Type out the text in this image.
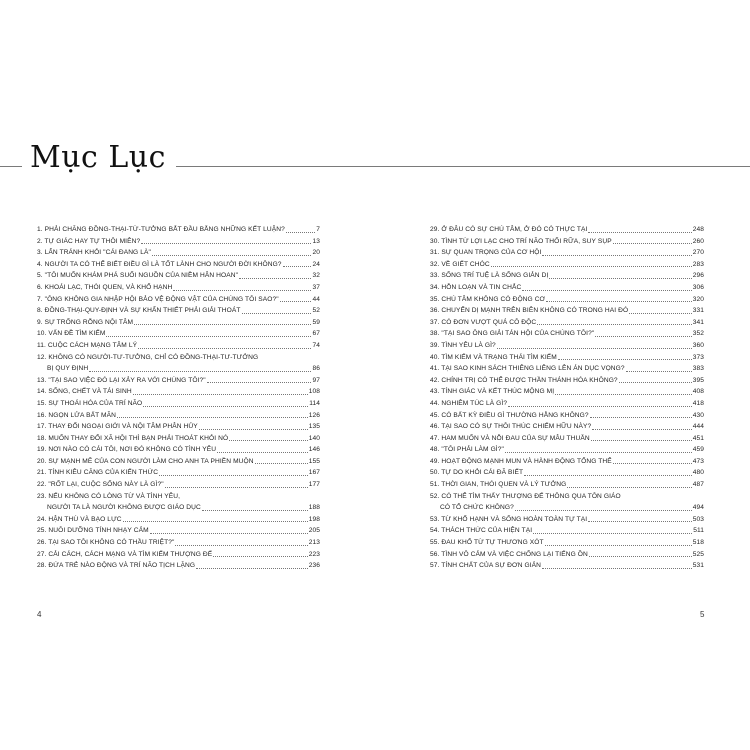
Mục Lục
1. PHẢI CHĂNG ĐỒNG-THẠI-TỪ-TƯỞNG BẮT ĐẦU BẰNG NHỮNG KẾT LUẬN?	7
2. TỰ GIÁC HAY TỰ THÔI MIÊN?	13
3. LẨN TRÁNH KHỎI "CÁI ĐANG LÀ"	20
4. NGƯỜI TA CÓ THỂ BIẾT ĐIỀU GÌ LÀ TỐT LÀNH CHO NGƯỜI ĐỜI KHÔNG?	24
5. "TÔI MUỐN KHÁM PHÁ SUỐI NGUỒN CỦA NIỀM HÂN HOAN"	32
6. KHOÁI LẠC, THÓI QUEN, VÀ KHỔ HẠNH	37
7. "ÔNG KHÔNG GIA NHẬP HỘI BẢO VỆ ĐỘNG VẬT CỦA CHÚNG TÔI SAO?"	44
8. ĐỒNG-THẠI-QUY-ĐỊNH VÀ SỰ KHẨN THIẾT PHẢI GIẢI THOÁT	52
9. SỰ TRỐNG RỖNG NỘI TÂM	59
10. VẤN ĐỀ TÌM KIẾM	67
11. CUỘC CÁCH MẠNG TÂM LÝ	74
12. KHÔNG CÓ NGƯỜI-TƯ-TƯỞNG, CHỈ CÓ ĐỒNG-THẠI-TƯ-TƯỞNG
BỊ QUY ĐỊNH	86
13. "TẠI SAO VIỆC ĐÓ LẠI XẢY RA VỚI CHÚNG TÔI?"	97
14. SỐNG, CHẾT VÀ TÁI SINH	108
15. SỰ THOÁI HÓA CỦA TRÍ NÃO	114
16. NGỌN LỬA BẤT MÃN	126
17. THAY ĐỔI NGOẠI GIỚI VÀ NỘI TÂM PHÂN HỦY	135
18. MUỐN THAY ĐỔI XÃ HỘI THÌ BẠN PHẢI THOÁT KHỎI NÓ	140
19. NƠI NÀO CÓ CÁI TÔI, NƠI ĐÓ KHÔNG CÓ TÌNH YÊU	146
20. SỰ MẠNH MẼ CỦA CON NGƯỜI LÀM CHO ANH TA PHIỀN MUỘN	155
21. TÍNH KIÊU CĂNG CỦA KIẾN THỨC	167
22. "RỐT LẠI, CUỘC SỐNG NÀY LÀ GÌ?"	177
23. NẾU KHÔNG CÓ LÒNG TỪ VÀ TÌNH YÊU,
NGƯỜI TA LÀ NGƯỜI KHÔNG ĐƯỢC GIÁO DỤC	188
24. HẬN THÙ VÀ BẠO LỰC	198
25. NUÔI DƯỠNG TÍNH NHẠY CẢM	205
26. TẠI SAO TÔI KHÔNG CÓ THẦU TRIỆT?"	213
27. CẢI CÁCH, CÁCH MẠNG VÀ TÌM KIẾM THƯỢNG ĐẾ	223
28. ĐỨA TRẺ NÀO ĐỘNG VÀ TRÍ NÃO TỊCH LẶNG	236
29. Ở ĐÂU CÓ SỰ CHÚ TÂM, Ở ĐÓ CÓ THỰC TẠI	248
30. TÌNH TỪ LỢI LẠC CHO TRÍ NÃO THỐI RỮA, SUY SỤP	260
31. SỰ QUAN TRỌNG CỦA CƠ HỘI	270
32. VỀ GIẾT CHÓC	283
33. SỐNG TRÍ TUỆ LÀ SỐNG GIẢN DỊ	296
34. HỖN LOẠN VÀ TIN CHẮC	306
35. CHÚ TÂM KHÔNG CÓ ĐỘNG CƠ	320
36. CHUYỂN DỊ MẠNH TRÊN BIÊN KHÔNG CÓ TRONG HAI ĐÓ	331
37. CÓ ĐƠN VƯỢT QUÁ CÔ ĐỘC	341
38. "TẠI SAO ÔNG GIẢI TÁN HỘI CỦA CHÚNG TÔI?"	352
39. TÌNH YÊU LÀ GÌ?	360
40. TÌM KIẾM VÀ TRẠNG THÁI TÌM KIẾM	373
41. TẠI SAO KINH SÁCH THIÊNG LIÊNG LÊN ÁN DỤC VỌNG?	383
42. CHÍNH TRỊ CÓ THỂ ĐƯỢC THẦN THÁNH HÓA KHÔNG?	395
43. TÍNH GIÁC VÀ KẾT THÚC MỘNG MỊ	408
44. NGHIÊM TÚC LÀ GÌ?	418
45. CÓ BẤT KỲ ĐIỀU GÌ THƯỜNG HẰNG KHÔNG?	430
46. TẠI SAO CÓ SỰ THÔI THÚC CHIẾM HỮU NÀY?	444
47. HAM MUỐN VÀ NỖI ĐAU CỦA SỰ MÂU THUẪN	451
48. "TÔI PHẢI LÀM GÌ?"	459
49. HOẠT ĐỘNG MẠNH MUN VÀ HÀNH ĐỘNG TỔNG THỂ	473
50. TỰ DO KHỎI CÁI ĐÃ BIẾT	480
51. THỜI GIAN, THÓI QUEN VÀ LÝ TƯỞNG	487
52. CÓ THỂ TÌM THẤY THƯỢNG ĐẾ THÔNG QUA TÔN GIÁO
CÓ TỔ CHỨC KHÔNG?	494
53. TỪ KHỔ HẠNH VÀ SỐNG HOÀN TOÀN TỰ TẠI	503
54. THÁCH THỨC CỦA HIỆN TẠI	511
55. ĐAU KHỔ TỪ TỰ THƯƠNG XÓT	518
56. TÌNH VÔ CẢM VÀ VIỆC CHỐNG LẠI TIẾNG ỒN	525
57. TÍNH CHẤT CỦA SỰ ĐƠN GIẢN	531
4	5
